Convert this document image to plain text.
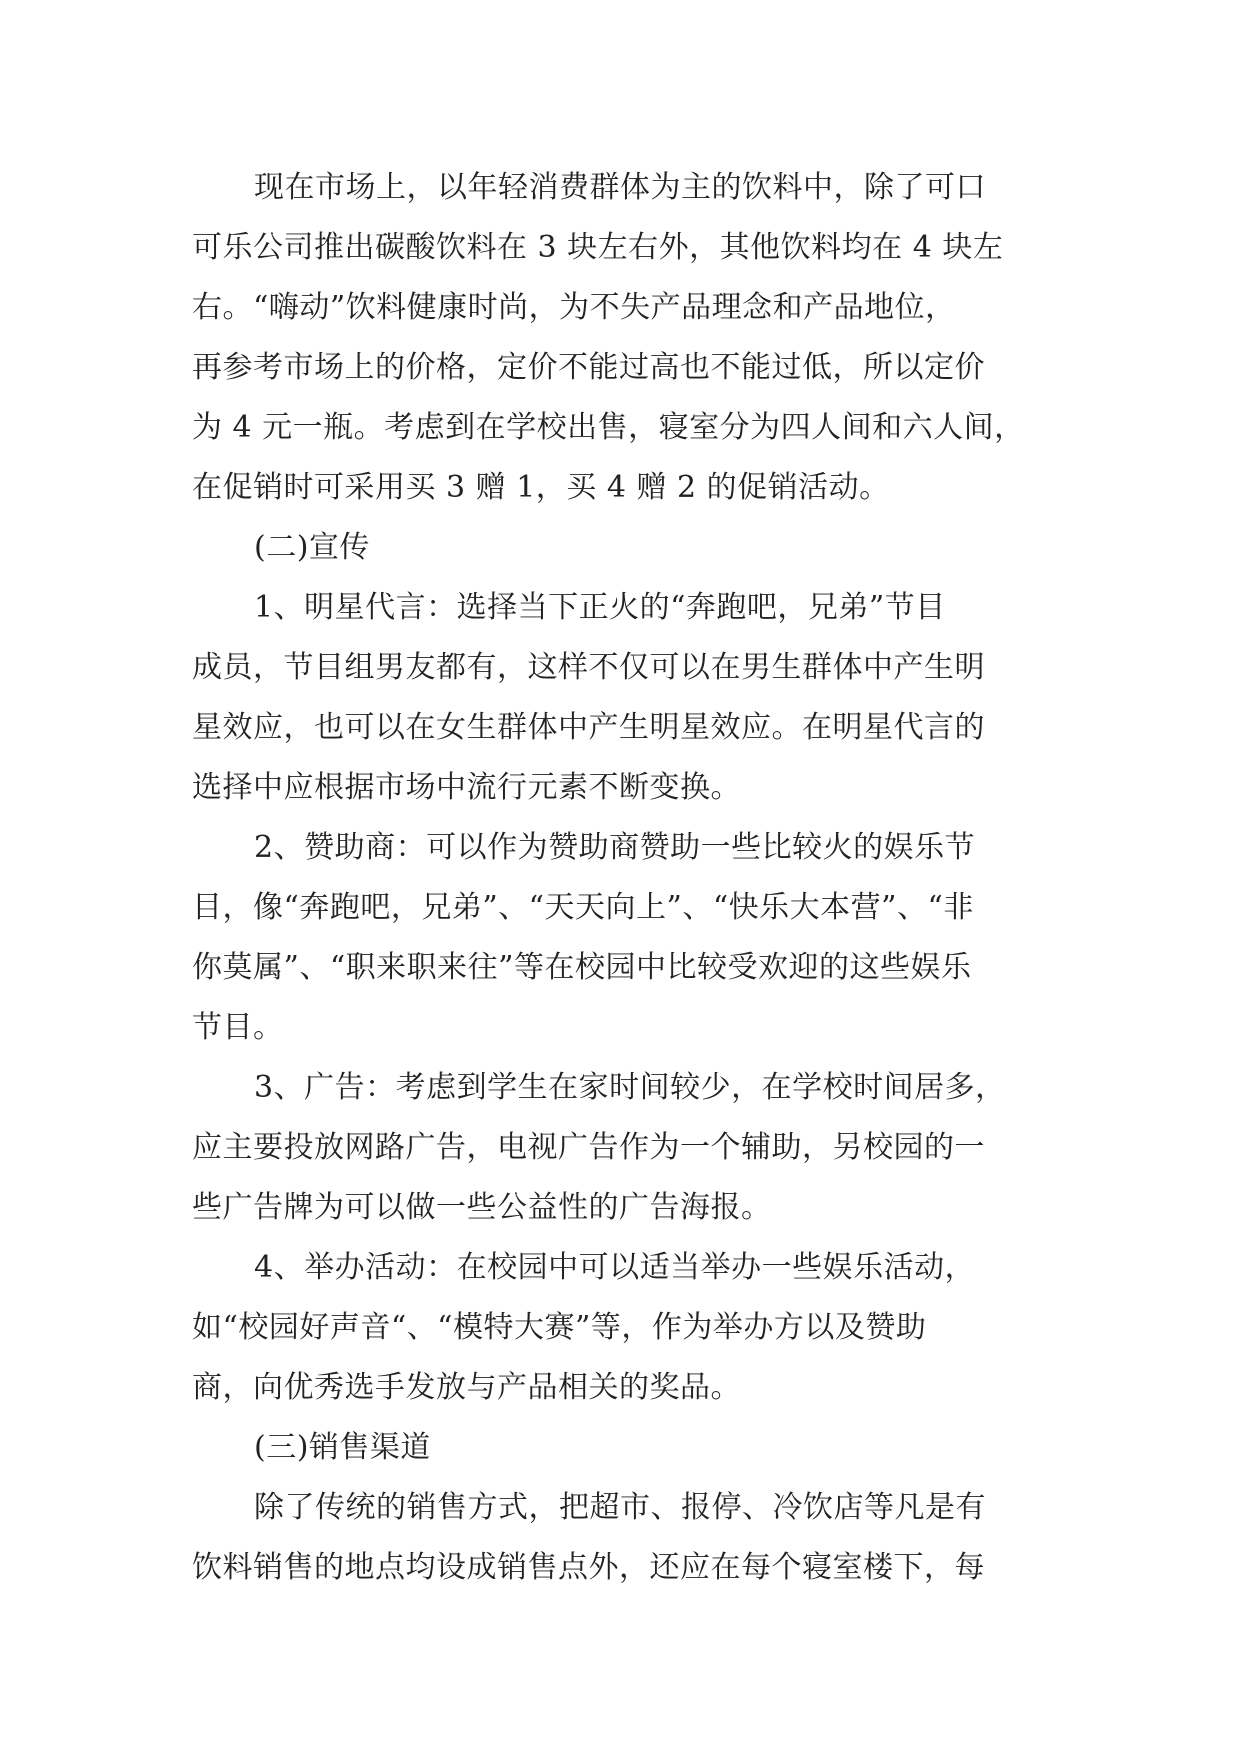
现在市场上，以年轻消费群体为主的饮料中，除了可口
可乐公司推出碳酸饮料在 3 块左右外，其他饮料均在 4 块左
右。“嗨动”饮料健康时尚，为不失产品理念和产品地位，
再参考市场上的价格，定价不能过高也不能过低，所以定价
为 4 元一瓶。考虑到在学校出售，寝室分为四人间和六人间，
在促销时可采用买 3 赠 1，买 4 赠 2 的促销活动。
(二)宣传
1、明星代言：选择当下正火的“奔跑吧，兄弟”节目
成员，节目组男友都有，这样不仅可以在男生群体中产生明
星效应，也可以在女生群体中产生明星效应。在明星代言的
选择中应根据市场中流行元素不断变换。
2、赞助商：可以作为赞助商赞助一些比较火的娱乐节
目，像“奔跑吧，兄弟”、“天天向上”、“快乐大本营”、“非
你莫属”、“职来职来往”等在校园中比较受欢迎的这些娱乐
节目。
3、广告：考虑到学生在家时间较少，在学校时间居多，
应主要投放网路广告，电视广告作为一个辅助，另校园的一
些广告牌为可以做一些公益性的广告海报。
4、举办活动：在校园中可以适当举办一些娱乐活动，
如“校园好声音“、“模特大赛”等，作为举办方以及赞助
商，向优秀选手发放与产品相关的奖品。
(三)销售渠道
除了传统的销售方式，把超市、报停、冷饮店等凡是有
饮料销售的地点均设成销售点外，还应在每个寝室楼下，每
